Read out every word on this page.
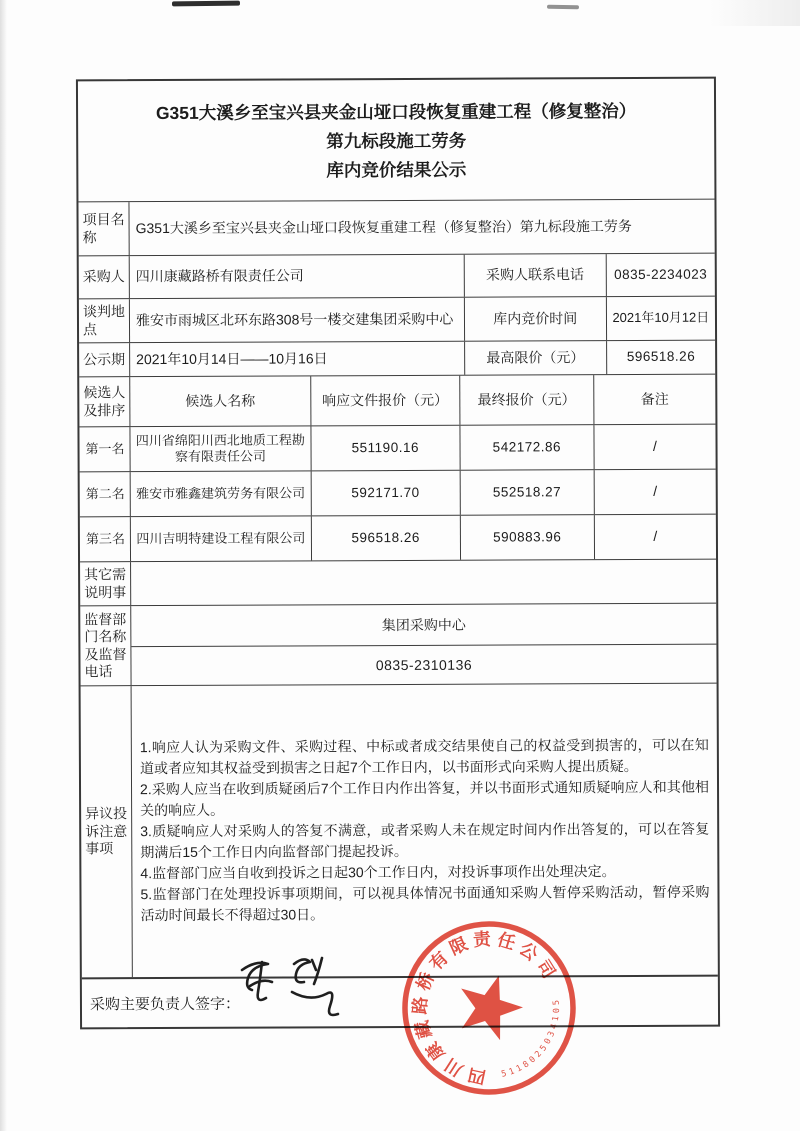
G351大溪乡至宝兴县夹金山垭口段恢复重建工程（修复整治）
第九标段施工劳务
库内竞价结果公示
项目名称
G351大溪乡至宝兴县夹金山垭口段恢复重建工程（修复整治）第九标段施工劳务
采购人 四川康藏路桥有限责任公司	采购人联系电话	0835-2234023
谈判地点
雅安市雨城区北环东路308号一楼交建集团采购中心	库内竞价时间	2021年10月12日
公示期 2021年10月14日——10月16日	最高限价（元）	596518.26
候选人及排序
候选人名称	响应文件报价（元）	最终报价（元）	备注
第一名
四川省绵阳川西北地质工程勘察有限责任公司
551190.16	542172.86	/
第二名 雅安市雅鑫建筑劳务有限公司	592171.70	552518.27	/
第三名 四川吉明特建设工程有限公司	596518.26	590883.96	/
其它需说明事
监督部门名称及监督电话
集团采购中心
0835-2310136
异议投诉注意事项
1.响应人认为采购文件、采购过程、中标或者成交结果使自己的权益受到损害的，可以在知道或者应知其权益受到损害之日起7个工作日内，以书面形式向采购人提出质疑。
2.采购人应当在收到质疑函后7个工作日内作出答复，并以书面形式通知质疑响应人和其他相关的响应人。
3.质疑响应人对采购人的答复不满意，或者采购人未在规定时间内作出答复的，可以在答复期满后15个工作日内向监督部门提起投诉。
4.监督部门应当自收到投诉之日起30个工作日内，对投诉事项作出处理决定。
5.监督部门在处理投诉事项期间，可以视具体情况书面通知采购人暂停采购活动，暂停采购活动时间最长不得超过30日。
采购主要负责人签字：
四川康藏路桥有限责任公司
5118025034105
